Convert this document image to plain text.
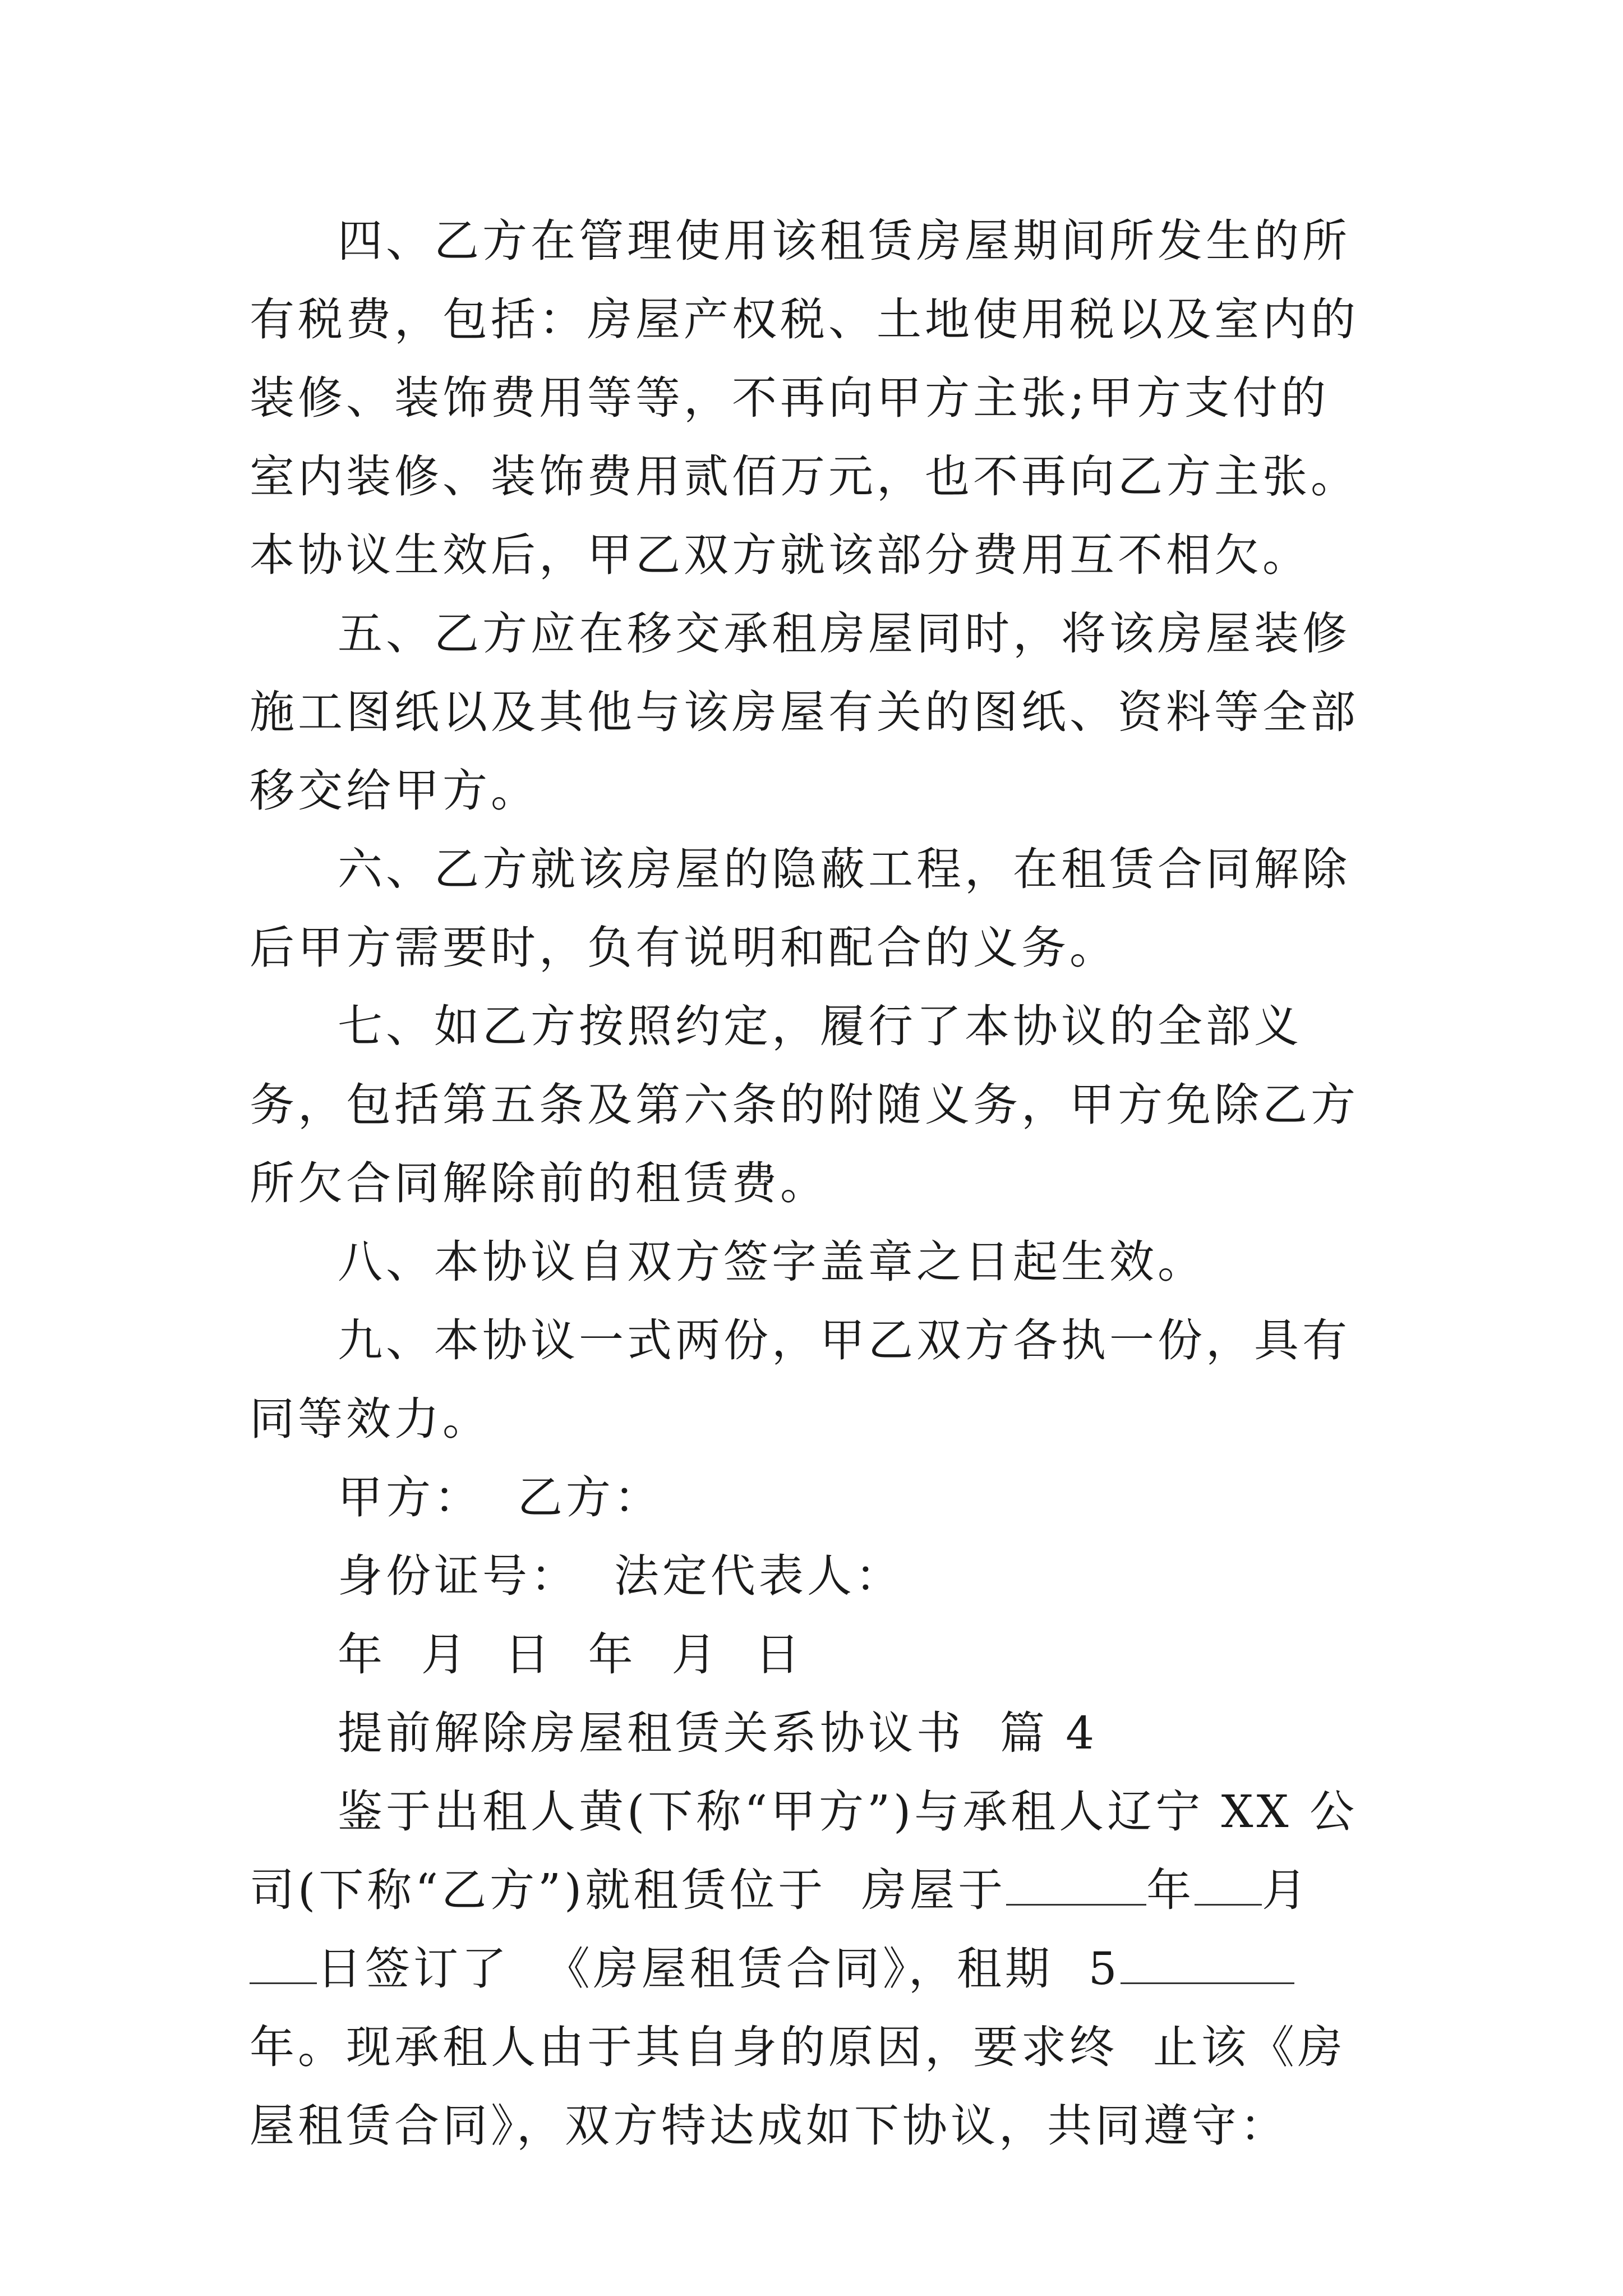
四、乙方在管理使用该租赁房屋期间所发生的所有税费，包括：房屋产权税、土地使用税以及室内的装修、装饰费用等等，不再向甲方主张;甲方支付的室内装修、装饰费用贰佰万元，也不再向乙方主张。本协议生效后，甲乙双方就该部分费用互不相欠。

五、乙方应在移交承租房屋同时，将该房屋装修施工图纸以及其他与该房屋有关的图纸、资料等全部移交给甲方。

六、乙方就该房屋的隐蔽工程，在租赁合同解除后甲方需要时，负有说明和配合的义务。

七、如乙方按照约定，履行了本协议的全部义务，包括第五条及第六条的附随义务，甲方免除乙方所欠合同解除前的租赁费。

八、本协议自双方签字盖章之日起生效。

九、本协议一式两份，甲乙双方各执一份，具有同等效力。

甲方：  乙方：

身份证号：  法定代表人：

年  月  日  年  月  日

提前解除房屋租赁关系协议书  篇 4

鉴于出租人黄(下称“甲方”)与承租人辽宁 XX 公司(下称“乙方”)就租赁位于  房屋于	年 月日签订了  《房屋租赁合同》，租期  5年。现承租人由于其自身的原因，要求终  止该《房屋租赁合同》，双方特达成如下协议，共同遵守：
